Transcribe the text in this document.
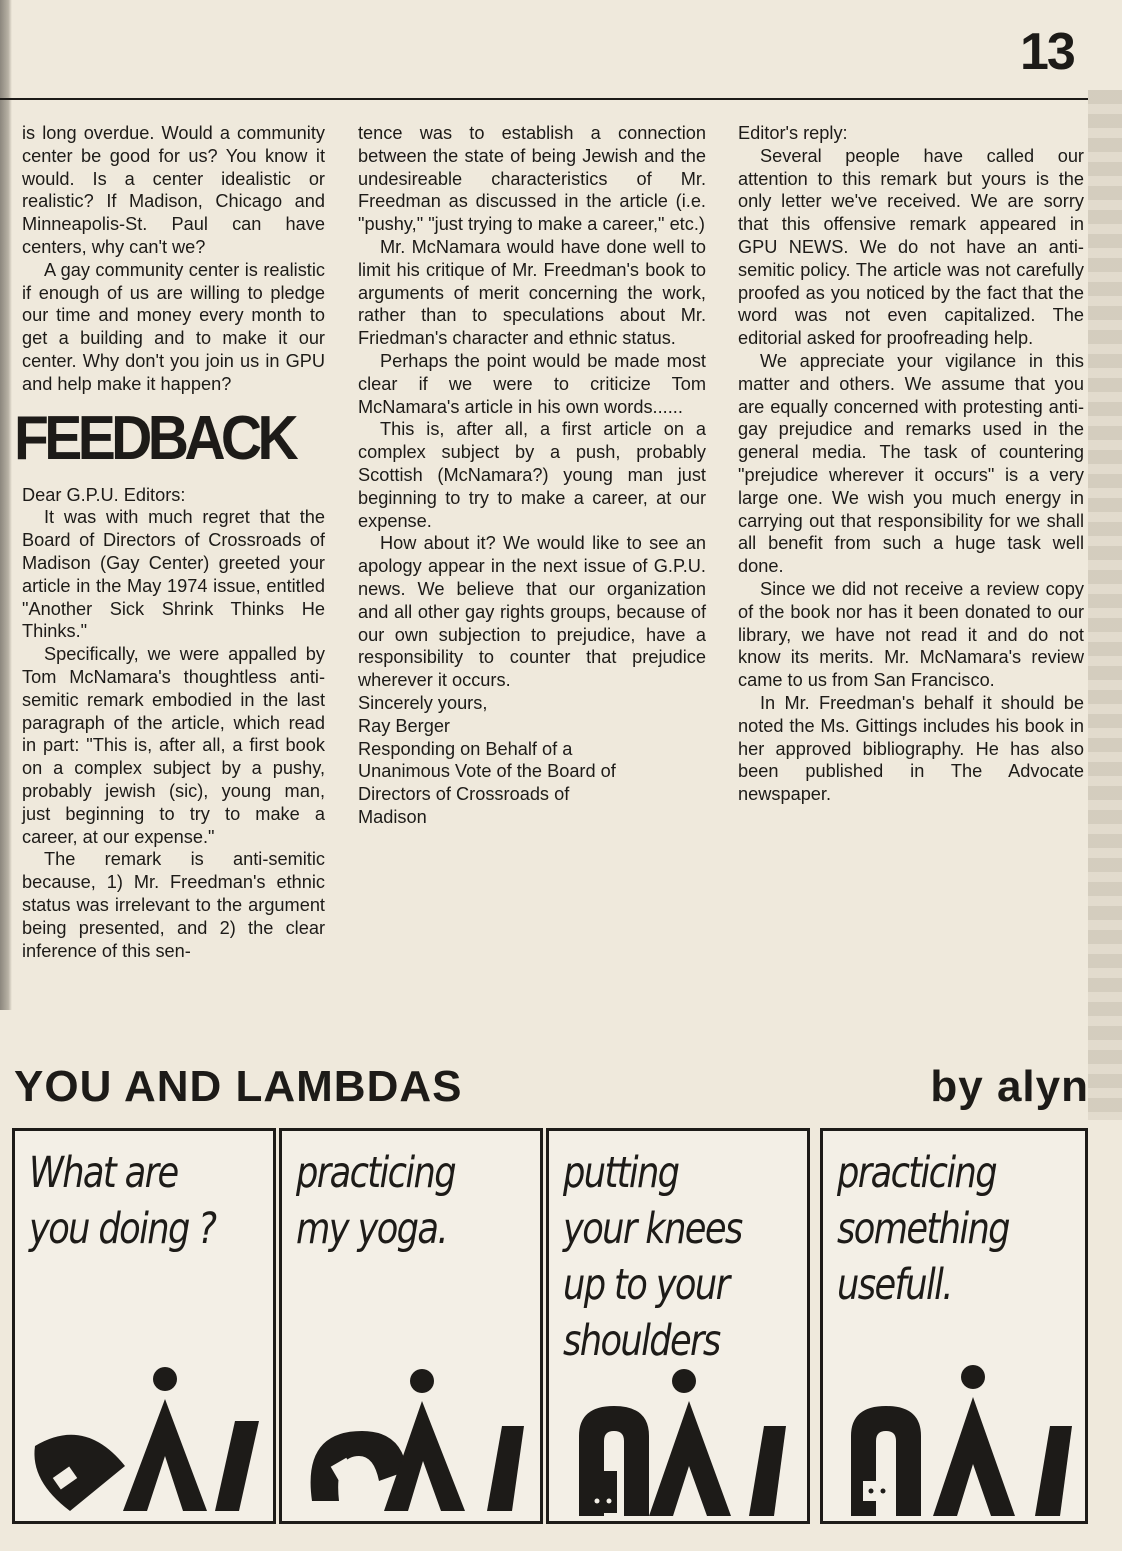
13

is long overdue. Would a community center be good for us? You know it would. Is a center idealistic or realistic? If Madison, Chicago and Minneapolis-St. Paul can have centers, why can't we?

A gay community center is realistic if enough of us are willing to pledge our time and money every month to get a building and to make it our center. Why don't you join us in GPU and help make it happen?

FEEDBACK

Dear G.P.U. Editors:

It was with much regret that the Board of Directors of Crossroads of Madison (Gay Center) greeted your article in the May 1974 issue, entitled "Another Sick Shrink Thinks He Thinks."

Specifically, we were appalled by Tom McNamara's thoughtless anti-semitic remark embodied in the last paragraph of the article, which read in part: "This is, after all, a first book on a complex subject by a pushy, probably jewish (sic), young man, just beginning to try to make a career, at our expense."

The remark is anti-semitic because, 1) Mr. Freedman's ethnic status was irrelevant to the argument being presented, and 2) the clear inference of this sen-

tence was to establish a connection between the state of being Jewish and the undesireable characteristics of Mr. Freedman as discussed in the article (i.e. "pushy," "just trying to make a career," etc.)

Mr. McNamara would have done well to limit his critique of Mr. Freedman's book to arguments of merit concerning the work, rather than to speculations about Mr. Friedman's character and ethnic status.

Perhaps the point would be made most clear if we were to criticize Tom McNamara's article in his own words......

This is, after all, a first article on a complex subject by a push, probably Scottish (McNamara?) young man just beginning to try to make a career, at our expense.

How about it? We would like to see an apology appear in the next issue of G.P.U. news. We believe that our organization and all other gay rights groups, because of our own subjection to prejudice, have a responsibility to counter that prejudice wherever it occurs.

Sincerely yours,

Ray Berger

Responding on Behalf of a

Unanimous Vote of the Board of

Directors of Crossroads of

Madison

Editor's reply:

Several people have called our attention to this remark but yours is the only letter we've received. We are sorry that this offensive remark appeared in GPU NEWS. We do not have an anti-semitic policy. The article was not carefully proofed as you noticed by the fact that the word was not even capitalized. The editorial asked for proofreading help.

We appreciate your vigilance in this matter and others. We assume that you are equally concerned with protesting anti-gay prejudice and remarks used in the general media. The task of countering "prejudice wherever it occurs" is a very large one. We wish you much energy in carrying out that responsibility for we shall all benefit from such a huge task well done.

Since we did not receive a review copy of the book nor has it been donated to our library, we have not read it and do not know its merits. Mr. McNamara's review came to us from San Francisco.

In Mr. Freedman's behalf it should be noted the Ms. Gittings includes his book in her approved bibliography. He has also been published in The Advocate newspaper.

YOU AND LAMBDAS	by alyn
What are you doing ?
practicing my yoga.
putting your knees up to your shoulders
practicing something usefull.
